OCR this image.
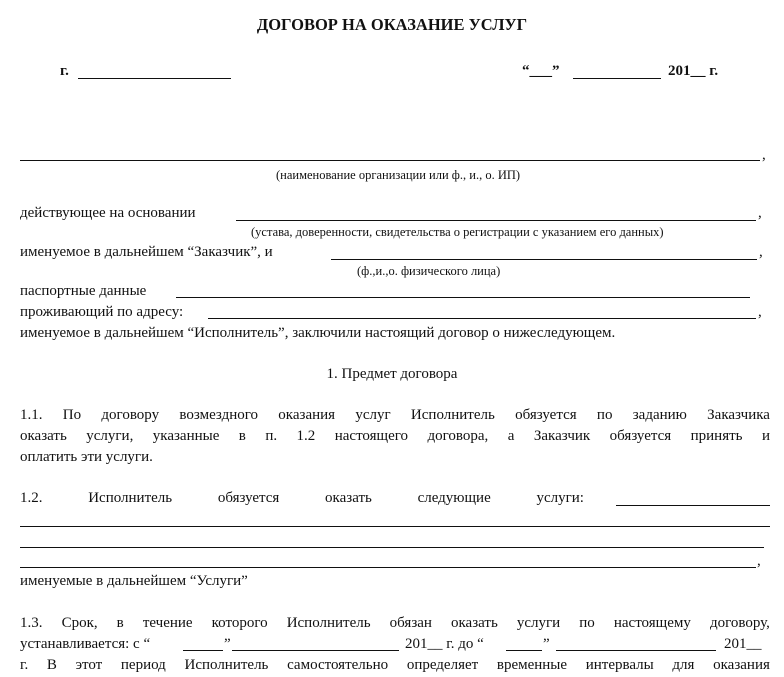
ДОГОВОР НА ОКАЗАНИЕ УСЛУГ
г.	“___”	201__ г.
,
(наименование организации или ф., и., о. ИП)
действующее на основании	,
(устава, доверенности, свидетельства о регистрации с указанием его данных)
именуемое в дальнейшем “Заказчик”, и	,
(ф.,и.,о. физического лица)
паспортные данные
проживающий по адресу:	,
именуемое в дальнейшем “Исполнитель”, заключили настоящий договор о нижеследующем.
1. Предмет договора
1.1. По договору возмездного оказания услуг Исполнитель обязуется по заданию Заказчика
оказать услуги, указанные в п. 1.2 настоящего договора, а Заказчик обязуется принять и
оплатить эти услуги.
1.2.	Исполнитель	обязуется	оказать	следующие	услуги:
,
именуемые в дальнейшем “Услуги”
1.3. Срок, в течение которого Исполнитель обязан оказать услуги по настоящему договору,
устанавливается: с “	”	201__ г. до “	”	201__
г. В этот период Исполнитель самостоятельно определяет временные интервалы для оказания
